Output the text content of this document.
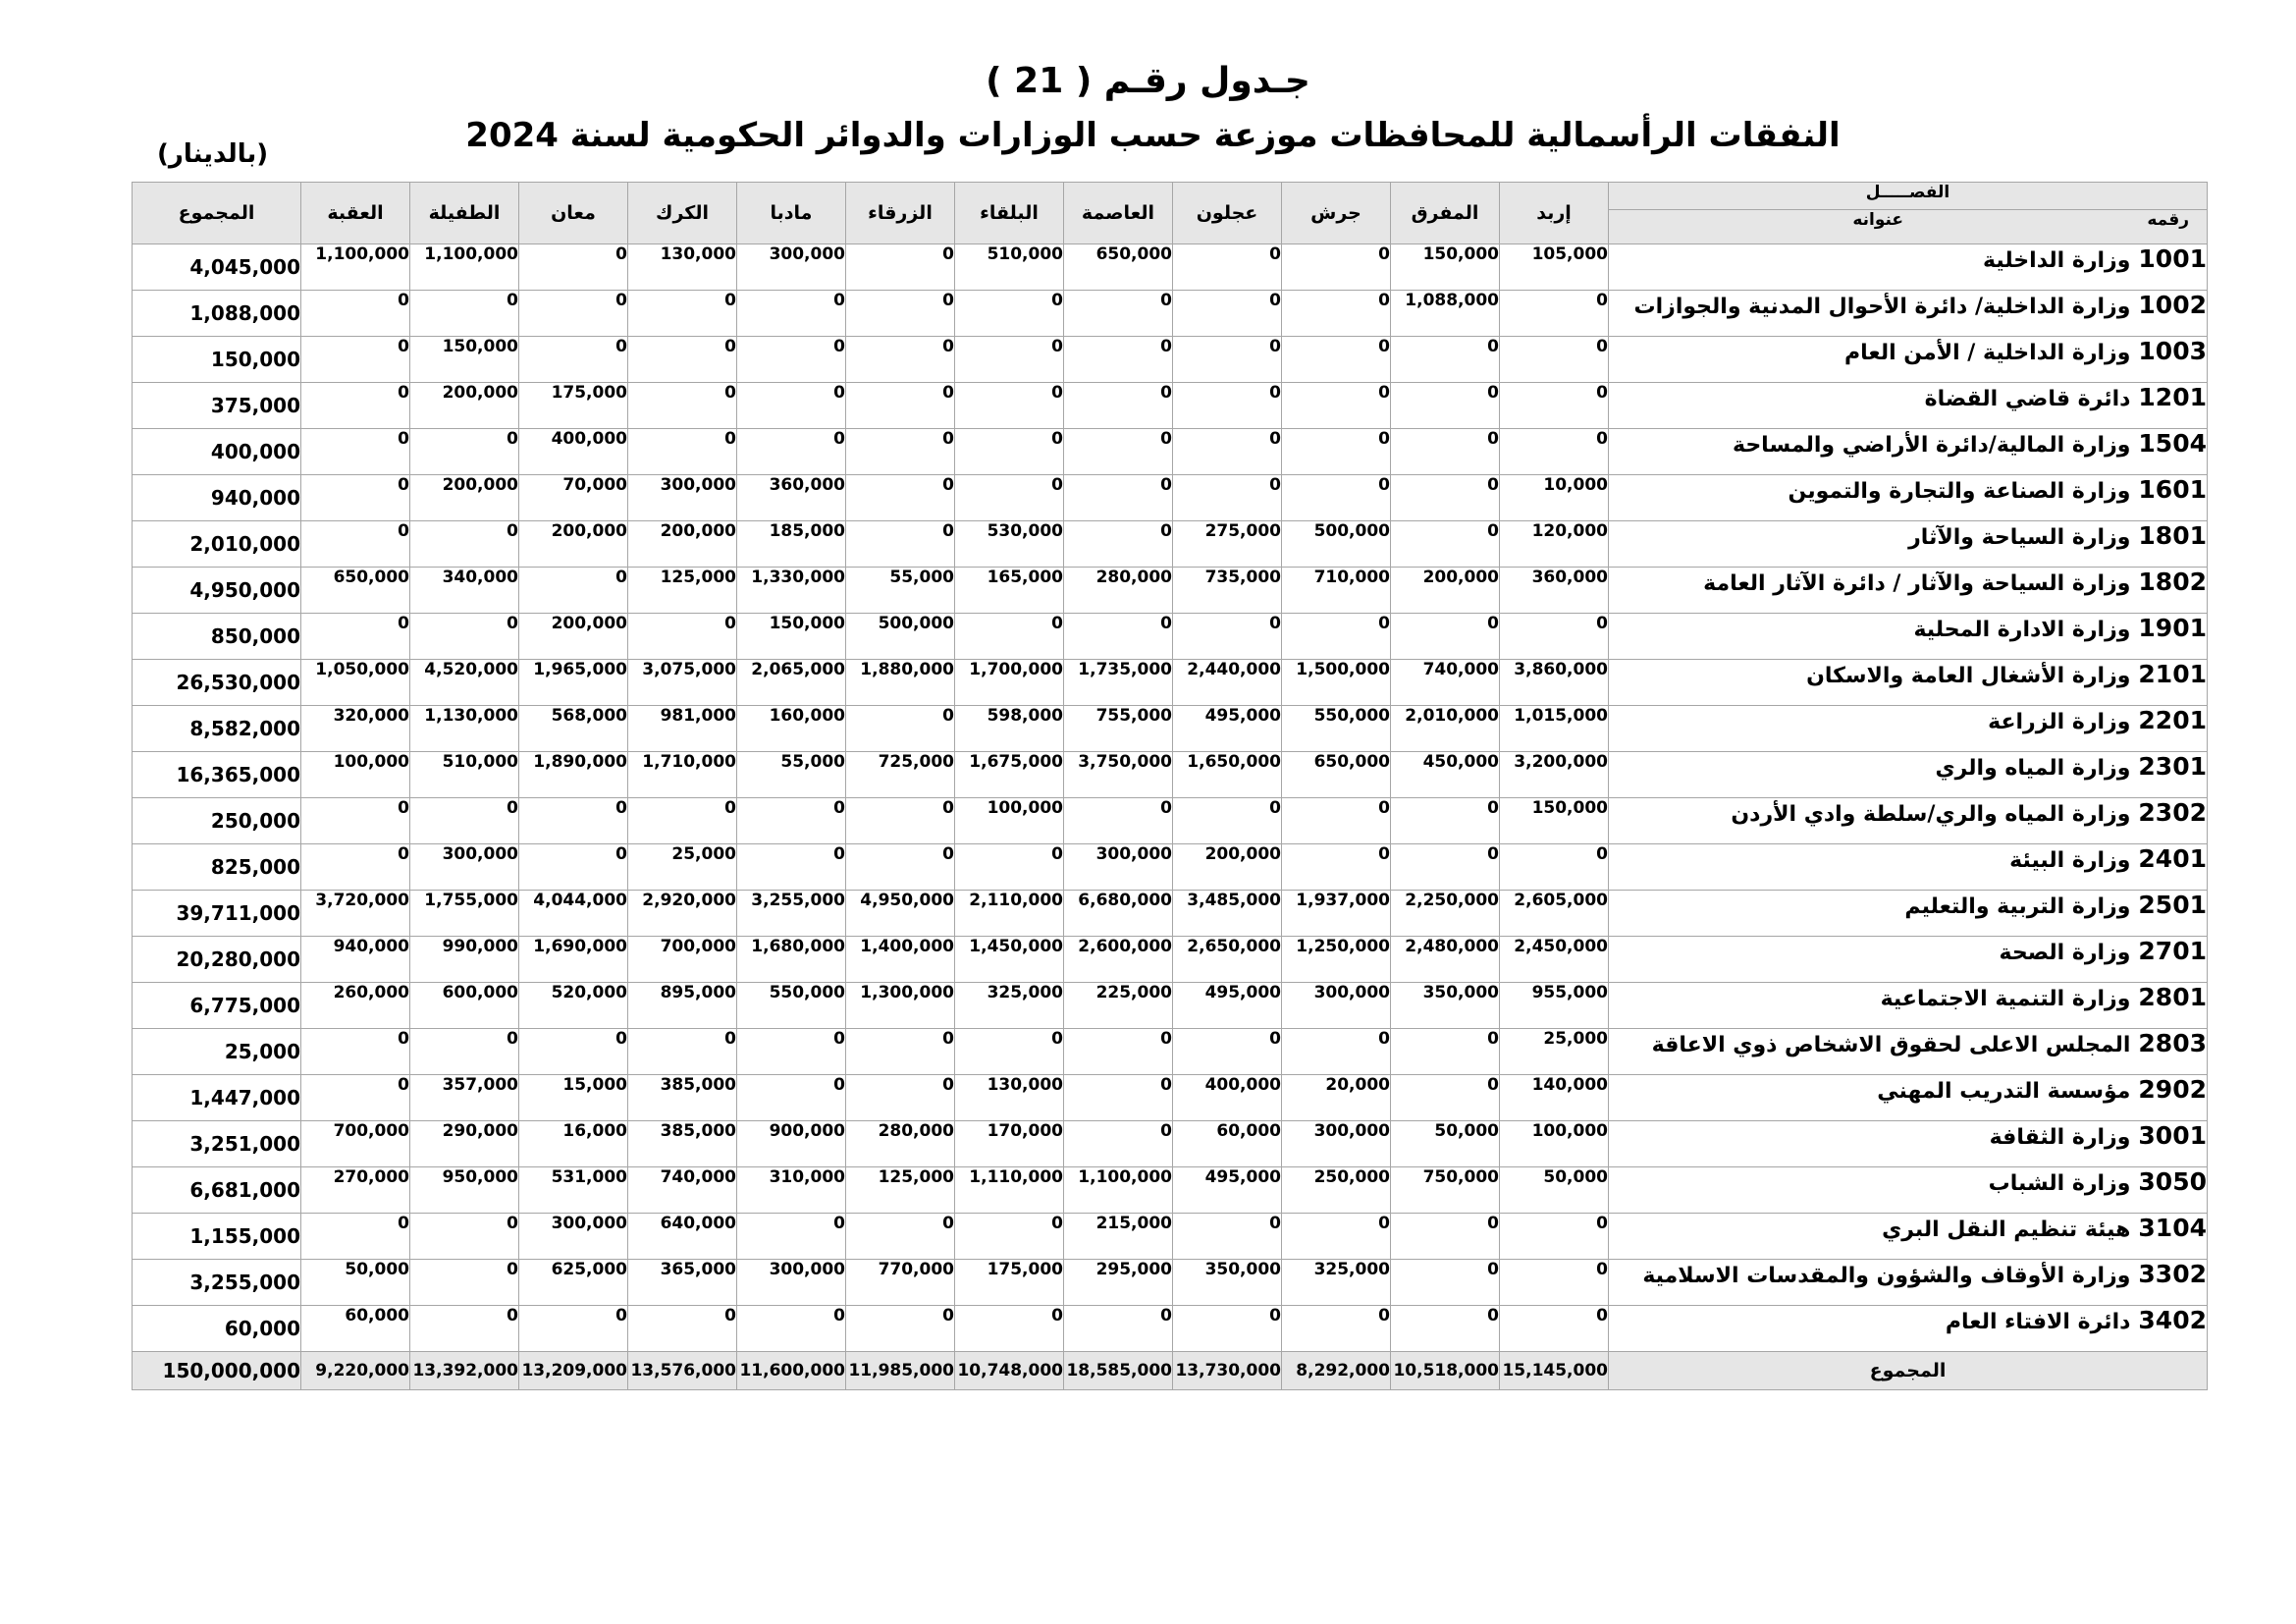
جـدول رقـم ( 21 )
النفقات الرأسمالية للمحافظات موزعة حسب الوزارات والدوائر الحكومية لسنة 2024
(بالدينار)
الفصـــــل
رقمه
عنوانه	إربد	المفرق	جرش	عجلون	العاصمة	البلقاء	الزرقاء	مادبا	الكرك	معان	الطفيلة	العقبة	المجموع
1001وزارة الداخلية	105,000	150,000	0	0	650,000	510,000	0	300,000	130,000	0	1,100,000	1,100,000	4,045,000
1002وزارة الداخلية/ دائرة الأحوال المدنية والجوازات	0	1,088,000	0	0	0	0	0	0	0	0	0	0	1,088,000
1003وزارة الداخلية / الأمن العام	0	0	0	0	0	0	0	0	0	0	150,000	0	150,000
1201دائرة قاضي القضاة	0	0	0	0	0	0	0	0	0	175,000	200,000	0	375,000
1504وزارة المالية/دائرة الأراضي والمساحة	0	0	0	0	0	0	0	0	0	400,000	0	0	400,000
1601وزارة الصناعة والتجارة والتموين	10,000	0	0	0	0	0	0	360,000	300,000	70,000	200,000	0	940,000
1801وزارة السياحة والآثار	120,000	0	500,000	275,000	0	530,000	0	185,000	200,000	200,000	0	0	2,010,000
1802وزارة السياحة والآثار / دائرة الآثار العامة	360,000	200,000	710,000	735,000	280,000	165,000	55,000	1,330,000	125,000	0	340,000	650,000	4,950,000
1901وزارة الادارة المحلية	0	0	0	0	0	0	500,000	150,000	0	200,000	0	0	850,000
2101وزارة الأشغال العامة والاسكان	3,860,000	740,000	1,500,000	2,440,000	1,735,000	1,700,000	1,880,000	2,065,000	3,075,000	1,965,000	4,520,000	1,050,000	26,530,000
2201وزارة الزراعة	1,015,000	2,010,000	550,000	495,000	755,000	598,000	0	160,000	981,000	568,000	1,130,000	320,000	8,582,000
2301وزارة المياه والري	3,200,000	450,000	650,000	1,650,000	3,750,000	1,675,000	725,000	55,000	1,710,000	1,890,000	510,000	100,000	16,365,000
2302وزارة المياه والري/سلطة وادي الأردن	150,000	0	0	0	0	100,000	0	0	0	0	0	0	250,000
2401وزارة البيئة	0	0	0	200,000	300,000	0	0	0	25,000	0	300,000	0	825,000
2501وزارة التربية والتعليم	2,605,000	2,250,000	1,937,000	3,485,000	6,680,000	2,110,000	4,950,000	3,255,000	2,920,000	4,044,000	1,755,000	3,720,000	39,711,000
2701وزارة الصحة	2,450,000	2,480,000	1,250,000	2,650,000	2,600,000	1,450,000	1,400,000	1,680,000	700,000	1,690,000	990,000	940,000	20,280,000
2801وزارة التنمية الاجتماعية	955,000	350,000	300,000	495,000	225,000	325,000	1,300,000	550,000	895,000	520,000	600,000	260,000	6,775,000
2803المجلس الاعلى لحقوق الاشخاص ذوي الاعاقة	25,000	0	0	0	0	0	0	0	0	0	0	0	25,000
2902مؤسسة التدريب المهني	140,000	0	20,000	400,000	0	130,000	0	0	385,000	15,000	357,000	0	1,447,000
3001وزارة الثقافة	100,000	50,000	300,000	60,000	0	170,000	280,000	900,000	385,000	16,000	290,000	700,000	3,251,000
3050وزارة الشباب	50,000	750,000	250,000	495,000	1,100,000	1,110,000	125,000	310,000	740,000	531,000	950,000	270,000	6,681,000
3104هيئة تنظيم النقل البري	0	0	0	0	215,000	0	0	0	640,000	300,000	0	0	1,155,000
3302وزارة الأوقاف والشؤون والمقدسات الاسلامية	0	0	325,000	350,000	295,000	175,000	770,000	300,000	365,000	625,000	0	50,000	3,255,000
3402دائرة الافتاء العام	0	0	0	0	0	0	0	0	0	0	0	60,000	60,000
المجموع	15,145,000	10,518,000	8,292,000	13,730,000	18,585,000	10,748,000	11,985,000	11,600,000	13,576,000	13,209,000	13,392,000	9,220,000	150,000,000
